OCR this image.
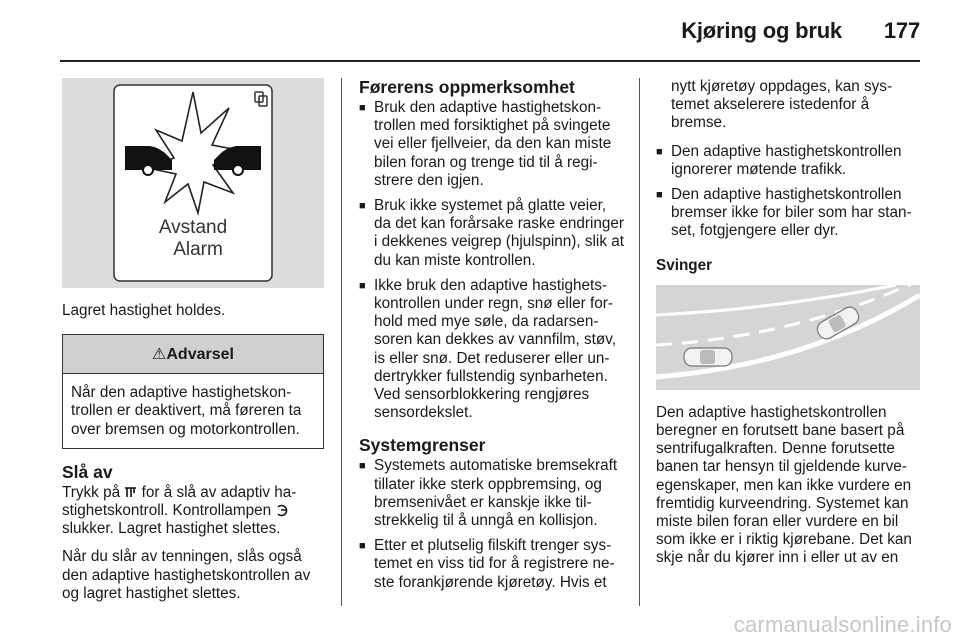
Kjøring og bruk 177
Avstand
Alarm

Lagret hastighet holdes.

⚠Advarsel
Når den adaptive hastighetskontrollen er deaktivert, må føreren ta over bremsen og motorkontrollen.
Slå av

Trykk på  for å slå av adaptiv hastighetskontroll. Kontrollampen  slukker. Lagret hastighet slettes.

Når du slår av tenningen, slås også den adaptive hastighetskontrollen av og lagret hastighet slettes.

Førerens oppmerksomhet
■ Bruk den adaptive hastighetskontrollen med forsiktighet på svingete vei eller fjellveier, da den kan miste bilen foran og trenge tid til å registrere den igjen.
■ Bruk ikke systemet på glatte veier, da det kan forårsake raske endringer i dekkenes veigrep (hjulspinn), slik at du kan miste kontrollen.
■ Ikke bruk den adaptive hastighetskontrollen under regn, snø eller forhold med mye søle, da radarsensoren kan dekkes av vannfilm, støv, is eller snø. Det reduserer eller undertrykker fullstendig synbarheten. Ved sensorblokkering rengjøres sensordekslet.
Systemgrenser
■ Systemets automatiske bremsekraft tillater ikke sterk oppbremsing, og bremsenivået er kanskje ikke tilstrekkelig til å unngå en kollisjon.
■ Etter et plutselig filskift trenger systemet en viss tid for å registrere neste forankjørende kjøretøy. Hvis et

nytt kjøretøy oppdages, kan systemet akselerere istedenfor å bremse.

■ Den adaptive hastighetskontrollen ignorerer møtende trafikk.
■ Den adaptive hastighetskontrollen bremser ikke for biler som har stanset, fotgjengere eller dyr.
Svinger

Den adaptive hastighetskontrollen beregner en forutsett bane basert på sentrifugalkraften. Denne forutsette banen tar hensyn til gjeldende kurveegenskaper, men kan ikke vurdere en fremtidig kurveendring. Systemet kan miste bilen foran eller vurdere en bil som ikke er i riktig kjørebane. Det kan skje når du kjører inn i eller ut av en

carmanualsonline.info
